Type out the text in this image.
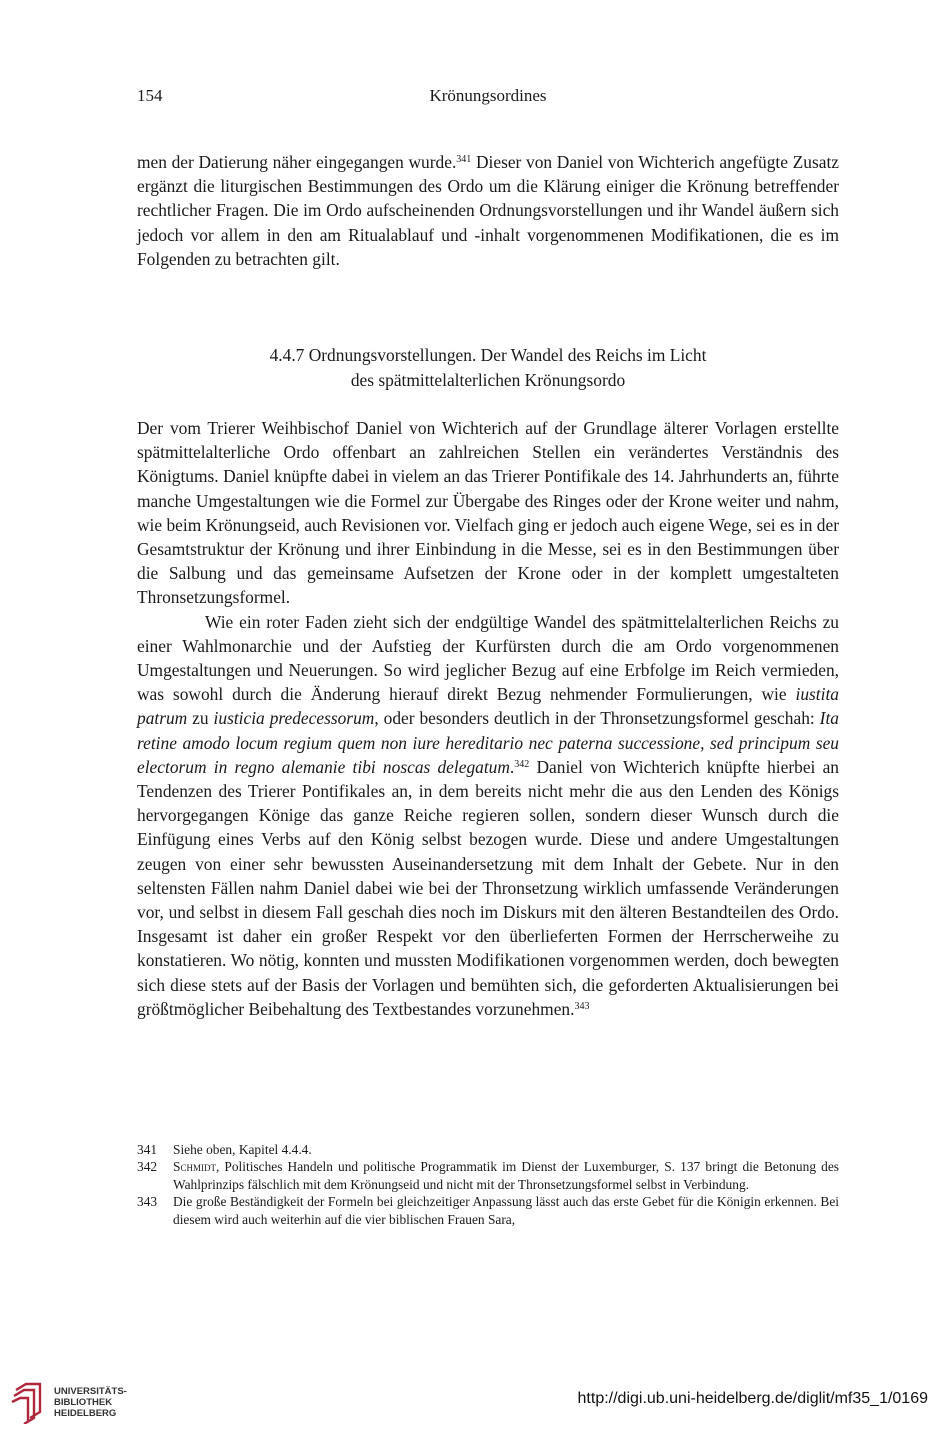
154	Krönungsordines

men der Datierung näher eingegangen wurde.$^{341}$ Dieser von Daniel von Wichterich angefügte Zusatz ergänzt die liturgischen Bestimmungen des Ordo um die Klärung einiger die Krönung betreffender rechtlicher Fragen. Die im Ordo aufscheinenden Ordnungsvorstellungen und ihr Wandel äußern sich jedoch vor allem in den am Ritualablauf und -inhalt vorgenommenen Modifikationen, die es im Folgenden zu betrachten gilt.

4.4.7 Ordnungsvorstellungen. Der Wandel des Reichs im Licht
des spätmittelalterlichen Krönungsordo

Der vom Trierer Weihbischof Daniel von Wichterich auf der Grundlage älterer Vorlagen erstellte spätmittelalterliche Ordo offenbart an zahlreichen Stellen ein verändertes Verständnis des Königtums. Daniel knüpfte dabei in vielem an das Trierer Pontifikale des 14. Jahrhunderts an, führte manche Umgestaltungen wie die Formel zur Übergabe des Ringes oder der Krone weiter und nahm, wie beim Krönungseid, auch Revisionen vor. Vielfach ging er jedoch auch eigene Wege, sei es in der Gesamtstruktur der Krönung und ihrer Einbindung in die Messe, sei es in den Bestimmungen über die Salbung und das gemeinsame Aufsetzen der Krone oder in der komplett umgestalteten Thronsetzungsformel.

Wie ein roter Faden zieht sich der endgültige Wandel des spätmittelalterlichen Reichs zu einer Wahlmonarchie und der Aufstieg der Kurfürsten durch die am Ordo vorgenommenen Umgestaltungen und Neuerungen. So wird jeglicher Bezug auf eine Erbfolge im Reich vermieden, was sowohl durch die Änderung hierauf direkt Bezug nehmender Formulierungen, wie iustita patrum zu iusticia predecessorum, oder besonders deutlich in der Thronsetzungsformel geschah: Ita retine amodo locum regium quem non iure hereditario nec paterna successione, sed principum seu electorum in regno alemanie tibi noscas delegatum.$^{342}$ Daniel von Wichterich knüpfte hierbei an Tendenzen des Trierer Pontifikales an, in dem bereits nicht mehr die aus den Lenden des Königs hervorgegangen Könige das ganze Reiche regieren sollen, sondern dieser Wunsch durch die Einfügung eines Verbs auf den König selbst bezogen wurde. Diese und andere Umgestaltungen zeugen von einer sehr bewussten Auseinandersetzung mit dem Inhalt der Gebete. Nur in den seltensten Fällen nahm Daniel dabei wie bei der Thronsetzung wirklich umfassende Veränderungen vor, und selbst in diesem Fall geschah dies noch im Diskurs mit den älteren Bestandteilen des Ordo. Insgesamt ist daher ein großer Respekt vor den überlieferten Formen der Herrscherweihe zu konstatieren. Wo nötig, konnten und mussten Modifikationen vorgenommen werden, doch bewegten sich diese stets auf der Basis der Vorlagen und bemühten sich, die geforderten Aktualisierungen bei größtmöglicher Beibehaltung des Textbestandes vorzunehmen.$^{343}$

341 Siehe oben, Kapitel 4.4.4.
342 Schmidt, Politisches Handeln und politische Programmatik im Dienst der Luxemburger, S. 137 bringt die Betonung des Wahlprinzips fälschlich mit dem Krönungseid und nicht mit der Thronsetzungsformel selbst in Verbindung.
343 Die große Beständigkeit der Formeln bei gleichzeitiger Anpassung lässt auch das erste Gebet für die Königin erkennen. Bei diesem wird auch weiterhin auf die vier biblischen Frauen Sara,
UNIVERSITÄTS-
BIBLIOTHEK
HEIDELBERG
http://digi.ub.uni-heidelberg.de/diglit/mf35_1/0169
